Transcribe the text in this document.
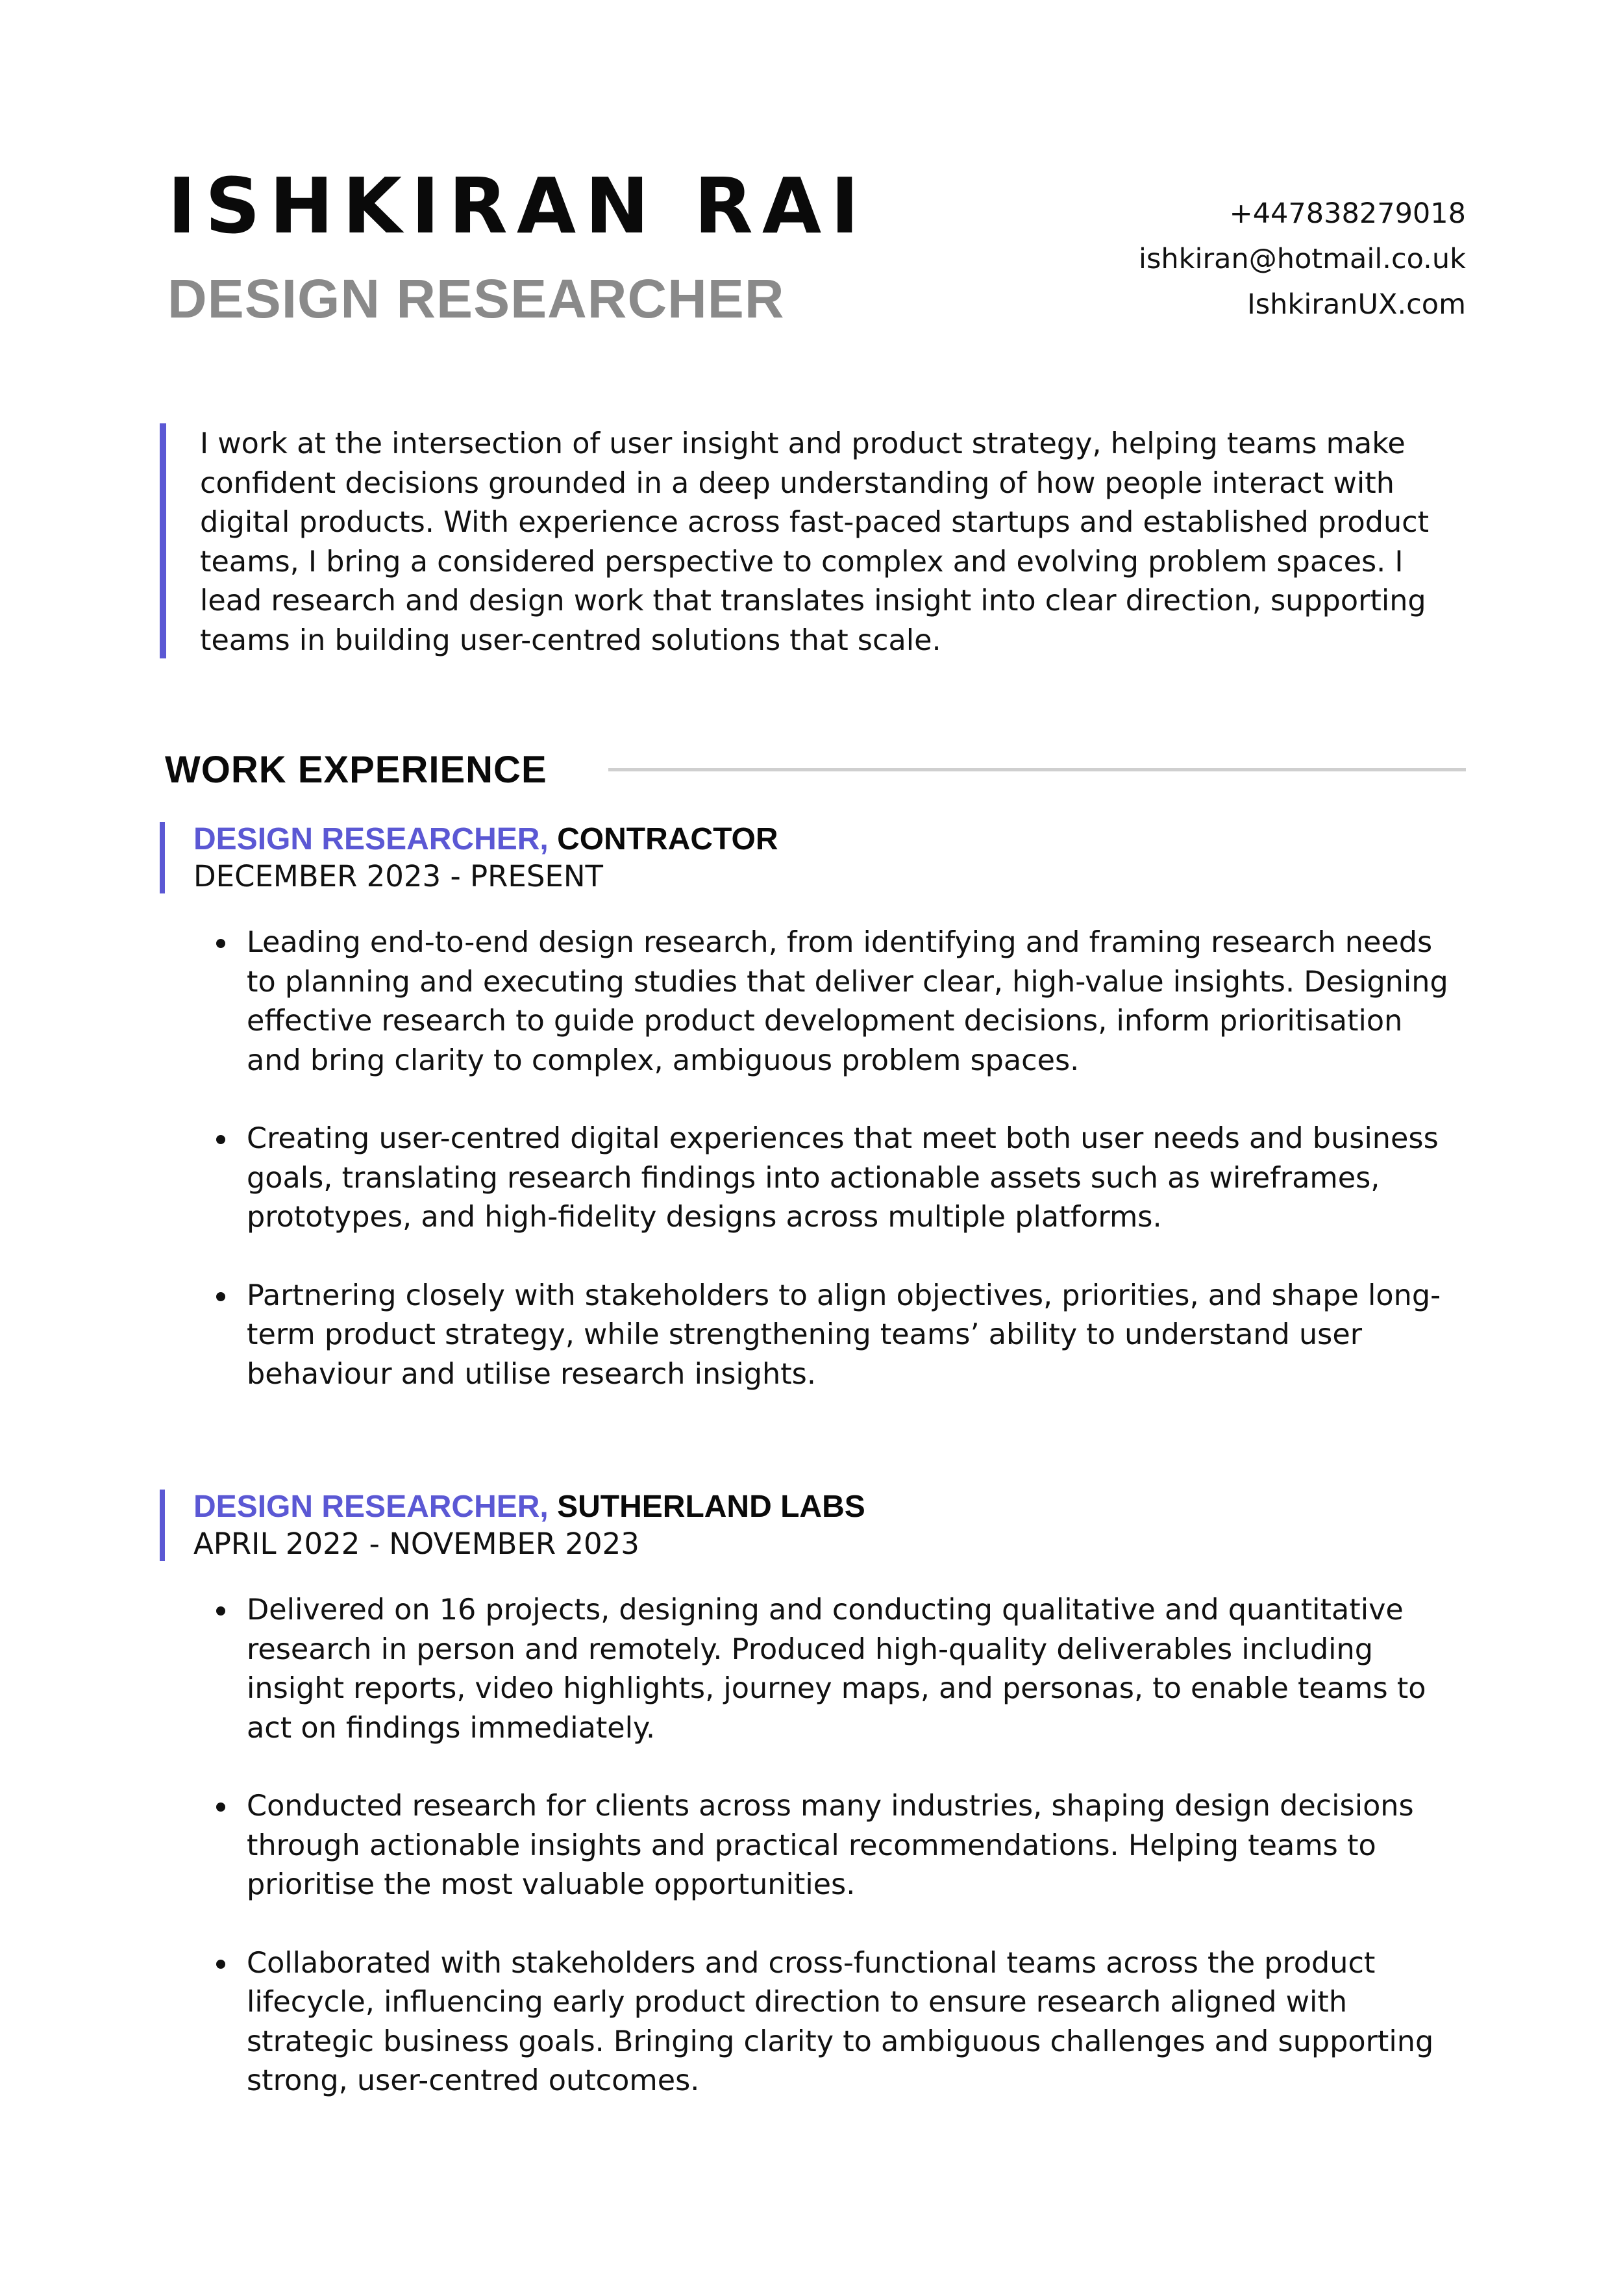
ISHKIRAN RAI
DESIGN RESEARCHER
+447838279018
ishkiran@hotmail.co.uk
IshkiranUX.com

I work at the intersection of user insight and product strategy, helping teams make confident decisions grounded in a deep understanding of how people interact with digital products. With experience across fast-paced startups and established product teams, I bring a considered perspective to complex and evolving problem spaces. I lead research and design work that translates insight into clear direction, supporting teams in building user-centred solutions that scale.

WORK EXPERIENCE
DESIGN RESEARCHER, CONTRACTOR
DECEMBER 2023 - PRESENT
Leading end-to-end design research, from identifying and framing research needs to planning and executing studies that deliver clear, high-value insights. Designing effective research to guide product development decisions, inform prioritisation and bring clarity to complex, ambiguous problem spaces.
Creating user-centred digital experiences that meet both user needs and business goals, translating research findings into actionable assets such as wireframes, prototypes, and high-fidelity designs across multiple platforms.
Partnering closely with stakeholders to align objectives, priorities, and shape long-term product strategy, while strengthening teams’ ability to understand user behaviour and utilise research insights.
DESIGN RESEARCHER, SUTHERLAND LABS
APRIL 2022 - NOVEMBER 2023
Delivered on 16 projects, designing and conducting qualitative and quantitative research in person and remotely. Produced high-quality deliverables including insight reports, video highlights, journey maps, and personas, to enable teams to act on findings immediately.
Conducted research for clients across many industries, shaping design decisions through actionable insights and practical recommendations. Helping teams to prioritise the most valuable opportunities.
Collaborated with stakeholders and cross-functional teams across the product lifecycle, influencing early product direction to ensure research aligned with strategic business goals. Bringing clarity to ambiguous challenges and supporting strong, user-centred outcomes.
